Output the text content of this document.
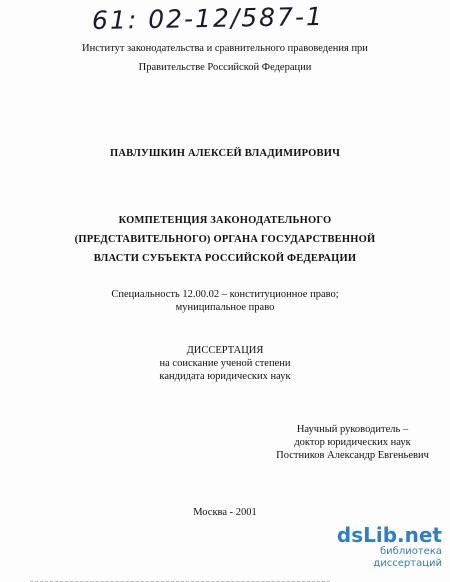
61: 02-12/587-1
Институт законодательства и сравнительного правоведения при
Правительстве Российской Федерации
ПАВЛУШКИН АЛЕКСЕЙ ВЛАДИМИРОВИЧ
КОМПЕТЕНЦИЯ ЗАКОНОДАТЕЛЬНОГО
(ПРЕДСТАВИТЕЛЬНОГО) ОРГАНА ГОСУДАРСТВЕННОЙ
ВЛАСТИ СУБЪЕКТА РОССИЙСКОЙ ФЕДЕРАЦИИ
Специальность 12.00.02 – конституционное право;
муниципальное право
ДИССЕРТАЦИЯ
на соискание ученой степени
кандидата юридических наук
Научный руководитель –
доктор юридических наук
Постников Александр Евгеньевич
Москва - 2001
dsLib.net
библиотека диссертаций
